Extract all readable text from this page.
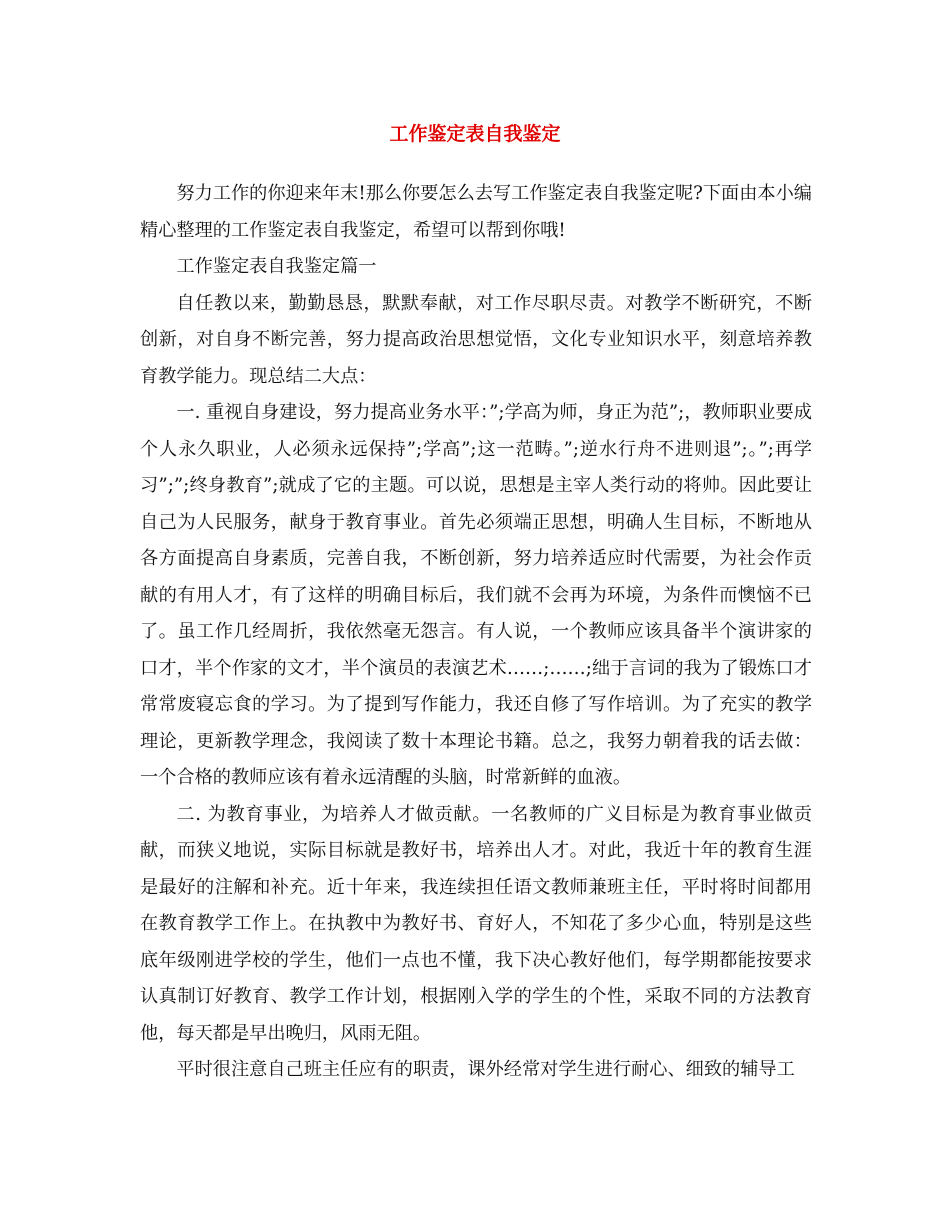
工作鉴定表自我鉴定

努力工作的你迎来年末!那么你要怎么去写工作鉴定表自我鉴定呢?下面由本小编精心整理的工作鉴定表自我鉴定，希望可以帮到你哦!

工作鉴定表自我鉴定篇一

自任教以来，勤勤恳恳，默默奉献，对工作尽职尽责。对教学不断研究，不断创新，对自身不断完善，努力提高政治思想觉悟，文化专业知识水平，刻意培养教育教学能力。现总结二大点：

一. 重视自身建设，努力提高业务水平：”;学高为师，身正为范”;，教师职业要成个人永久职业，人必须永远保持”;学高”;这一范畴。”;逆水行舟不进则退”;。”;再学习”;”;终身教育”;就成了它的主题。可以说，思想是主宰人类行动的将帅。因此要让自己为人民服务，献身于教育事业。首先必须端正思想，明确人生目标，不断地从各方面提高自身素质，完善自我，不断创新，努力培养适应时代需要，为社会作贡献的有用人才，有了这样的明确目标后，我们就不会再为环境，为条件而懊恼不已了。虽工作几经周折，我依然毫无怨言。有人说，一个教师应该具备半个演讲家的口才，半个作家的文才，半个演员的表演艺术……;……;绌于言词的我为了锻炼口才常常废寝忘食的学习。为了提到写作能力，我还自修了写作培训。为了充实的教学理论，更新教学理念，我阅读了数十本理论书籍。总之，我努力朝着我的话去做：一个合格的教师应该有着永远清醒的头脑，时常新鲜的血液。

二. 为教育事业，为培养人才做贡献。一名教师的广义目标是为教育事业做贡献，而狭义地说，实际目标就是教好书，培养出人才。对此，我近十年的教育生涯是最好的注解和补充。近十年来，我连续担任语文教师兼班主任，平时将时间都用在教育教学工作上。在执教中为教好书、育好人，不知花了多少心血，特别是这些底年级刚进学校的学生，他们一点也不懂，我下决心教好他们，每学期都能按要求认真制订好教育、教学工作计划，根据刚入学的学生的个性，采取不同的方法教育他，每天都是早出晚归，风雨无阻。

平时很注意自己班主任应有的职责，课外经常对学生进行耐心、细致的辅导工
